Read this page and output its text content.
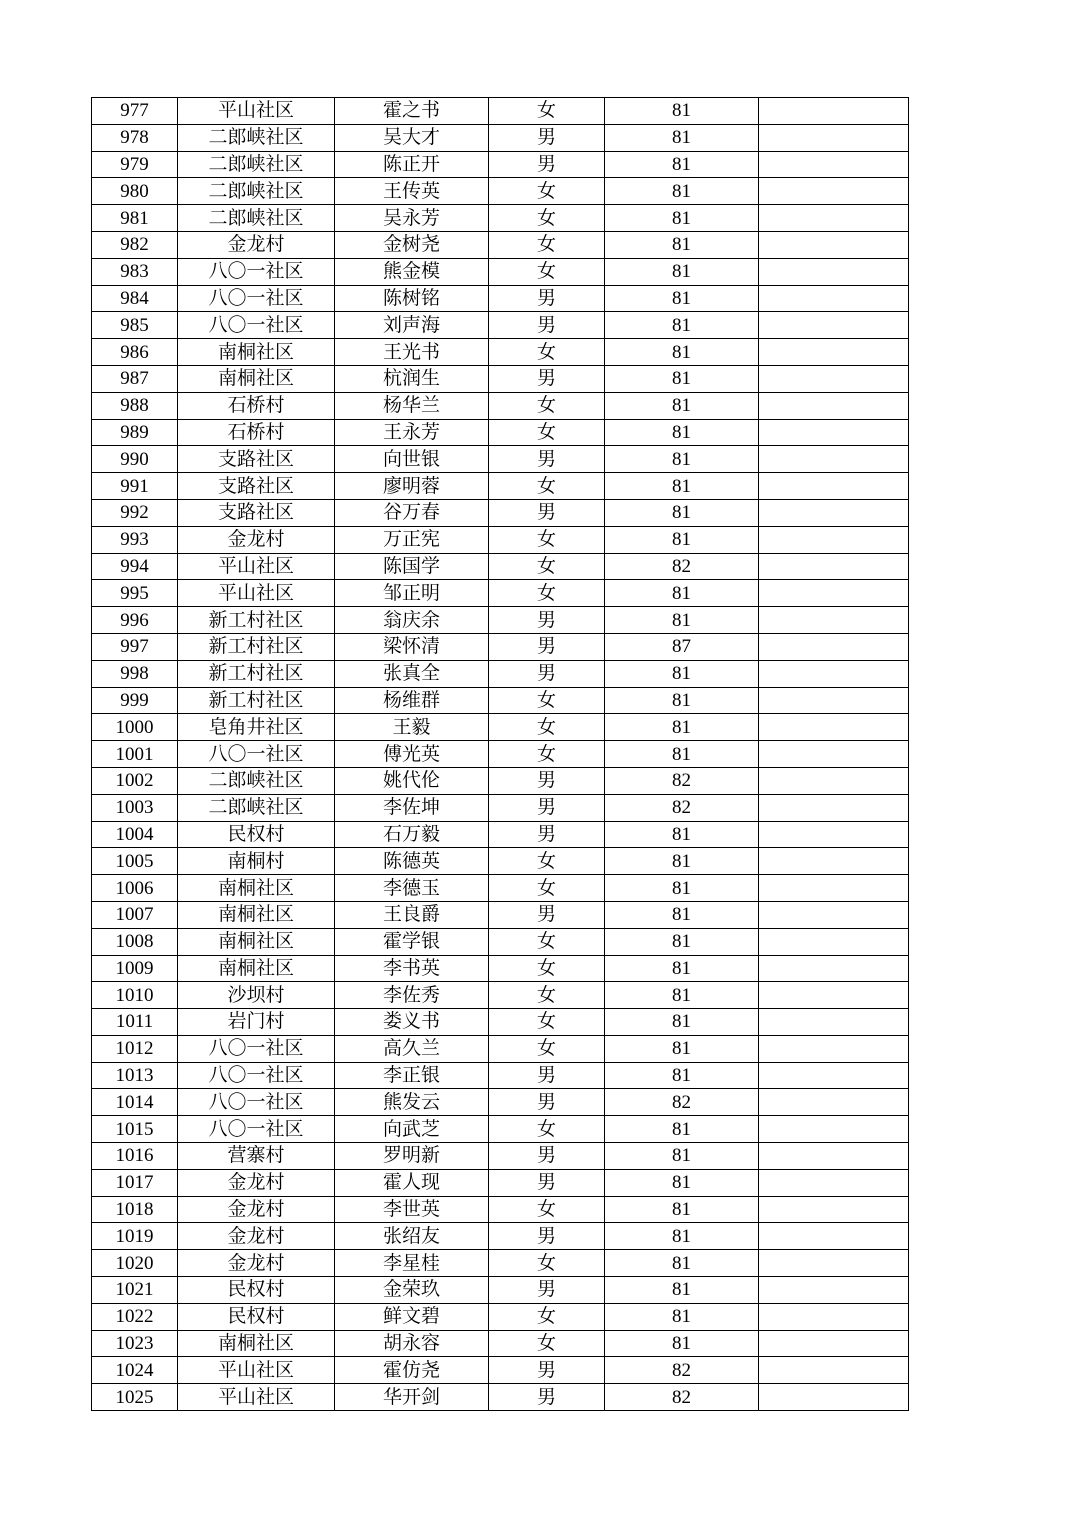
977	平山社区	霍之书	女	81	
978	二郎峡社区	吴大才	男	81	
979	二郎峡社区	陈正开	男	81	
980	二郎峡社区	王传英	女	81	
981	二郎峡社区	吴永芳	女	81	
982	金龙村	金树尧	女	81	
983	八〇一社区	熊金模	女	81	
984	八〇一社区	陈树铭	男	81	
985	八〇一社区	刘声海	男	81	
986	南桐社区	王光书	女	81	
987	南桐社区	杭润生	男	81	
988	石桥村	杨华兰	女	81	
989	石桥村	王永芳	女	81	
990	支路社区	向世银	男	81	
991	支路社区	廖明蓉	女	81	
992	支路社区	谷万春	男	81	
993	金龙村	万正宪	女	81	
994	平山社区	陈国学	女	82	
995	平山社区	邹正明	女	81	
996	新工村社区	翁庆余	男	81	
997	新工村社区	梁怀清	男	87	
998	新工村社区	张真全	男	81	
999	新工村社区	杨维群	女	81	
1000	皂角井社区	王毅	女	81	
1001	八〇一社区	傅光英	女	81	
1002	二郎峡社区	姚代伦	男	82	
1003	二郎峡社区	李佐坤	男	82	
1004	民权村	石万毅	男	81	
1005	南桐村	陈德英	女	81	
1006	南桐社区	李德玉	女	81	
1007	南桐社区	王良爵	男	81	
1008	南桐社区	霍学银	女	81	
1009	南桐社区	李书英	女	81	
1010	沙坝村	李佐秀	女	81	
1011	岩门村	娄义书	女	81	
1012	八〇一社区	高久兰	女	81	
1013	八〇一社区	李正银	男	81	
1014	八〇一社区	熊发云	男	82	
1015	八〇一社区	向武芝	女	81	
1016	营寨村	罗明新	男	81	
1017	金龙村	霍人现	男	81	
1018	金龙村	李世英	女	81	
1019	金龙村	张绍友	男	81	
1020	金龙村	李星桂	女	81	
1021	民权村	金荣玖	男	81	
1022	民权村	鲜文碧	女	81	
1023	南桐社区	胡永容	女	81	
1024	平山社区	霍仿尧	男	82	
1025	平山社区	华开剑	男	82	
